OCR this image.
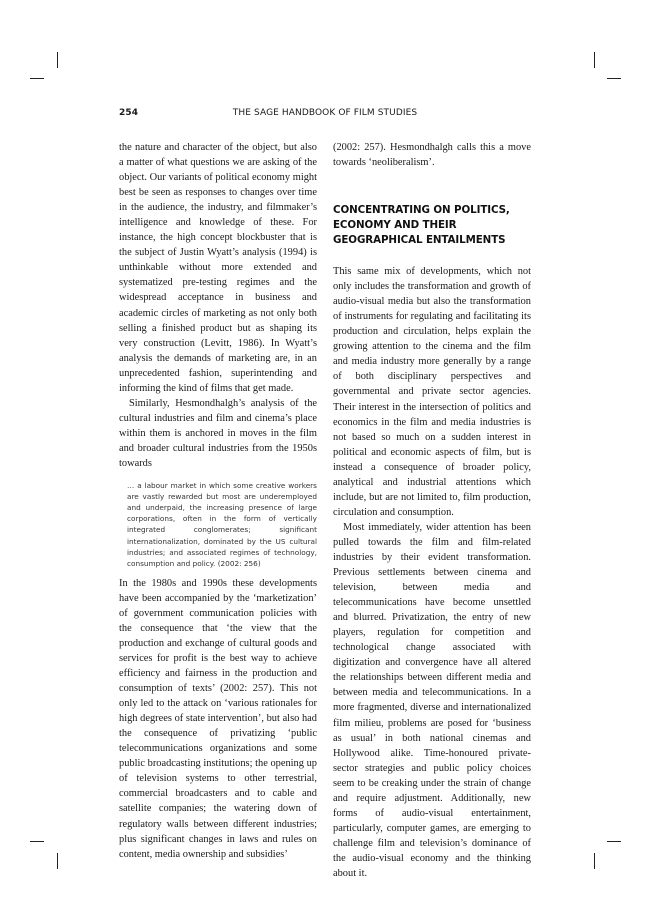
254	THE SAGE HANDBOOK OF FILM STUDIES

the nature and character of the object, but also a matter of what questions we are asking of the object. Our variants of political economy might best be seen as responses to changes over time in the audience, the industry, and filmmaker’s intelligence and knowledge of these. For instance, the high concept blockbuster that is the subject of Justin Wyatt’s analysis (1994) is unthinkable without more extended and systematized pre-testing regimes and the widespread acceptance in business and academic circles of marketing as not only both selling a finished product but as shaping its very construction (Levitt, 1986). In Wyatt’s analysis the demands of marketing are, in an unprecedented fashion, superintending and informing the kind of films that get made.

Similarly, Hesmondhalgh’s analysis of the cultural industries and film and cinema’s place within them is anchored in moves in the film and broader cultural industries from the 1950s towards

… a labour market in which some creative workers are vastly rewarded but most are underemployed and underpaid, the increasing presence of large corporations, often in the form of vertically integrated conglomerates; significant internationalization, dominated by the US cultural industries; and associated regimes of technology, consumption and policy. (2002: 256)

In the 1980s and 1990s these developments have been accompanied by the ‘marketization’ of government communication policies with the consequence that ‘the view that the production and exchange of cultural goods and services for profit is the best way to achieve efficiency and fairness in the production and consumption of texts’ (2002: 257). This not only led to the attack on ‘various rationales for high degrees of state intervention’, but also had the consequence of privatizing ‘public telecommunications organizations and some public broadcasting institutions; the opening up of television systems to other terrestrial, commercial broadcasters and to cable and satellite companies; the watering down of regulatory walls between different industries; plus significant changes in laws and rules on content, media ownership and subsidies’

(2002: 257). Hesmondhalgh calls this a move towards ‘neoliberalism’.

CONCENTRATING ON POLITICS, ECONOMY AND THEIR GEOGRAPHICAL ENTAILMENTS

This same mix of developments, which not only includes the transformation and growth of audio-visual media but also the transformation of instruments for regulating and facilitating its production and circulation, helps explain the growing attention to the cinema and the film and media industry more generally by a range of both disciplinary perspectives and governmental and private sector agencies. Their interest in the intersection of politics and economics in the film and media industries is not based so much on a sudden interest in political and economic aspects of film, but is instead a consequence of broader policy, analytical and industrial attentions which include, but are not limited to, film production, circulation and consumption.

Most immediately, wider attention has been pulled towards the film and film-related industries by their evident transformation. Previous settlements between cinema and television, between media and telecommunications have become unsettled and blurred. Privatization, the entry of new players, regulation for competition and technological change associated with digitization and convergence have all altered the relationships between different media and between media and telecommunications. In a more fragmented, diverse and internationalized film milieu, problems are posed for ‘business as usual’ in both national cinemas and Hollywood alike. Time-honoured private-sector strategies and public policy choices seem to be creaking under the strain of change and require adjustment. Additionally, new forms of audio-visual entertainment, particularly, computer games, are emerging to challenge film and television’s dominance of the audio-visual economy and the thinking about it.
